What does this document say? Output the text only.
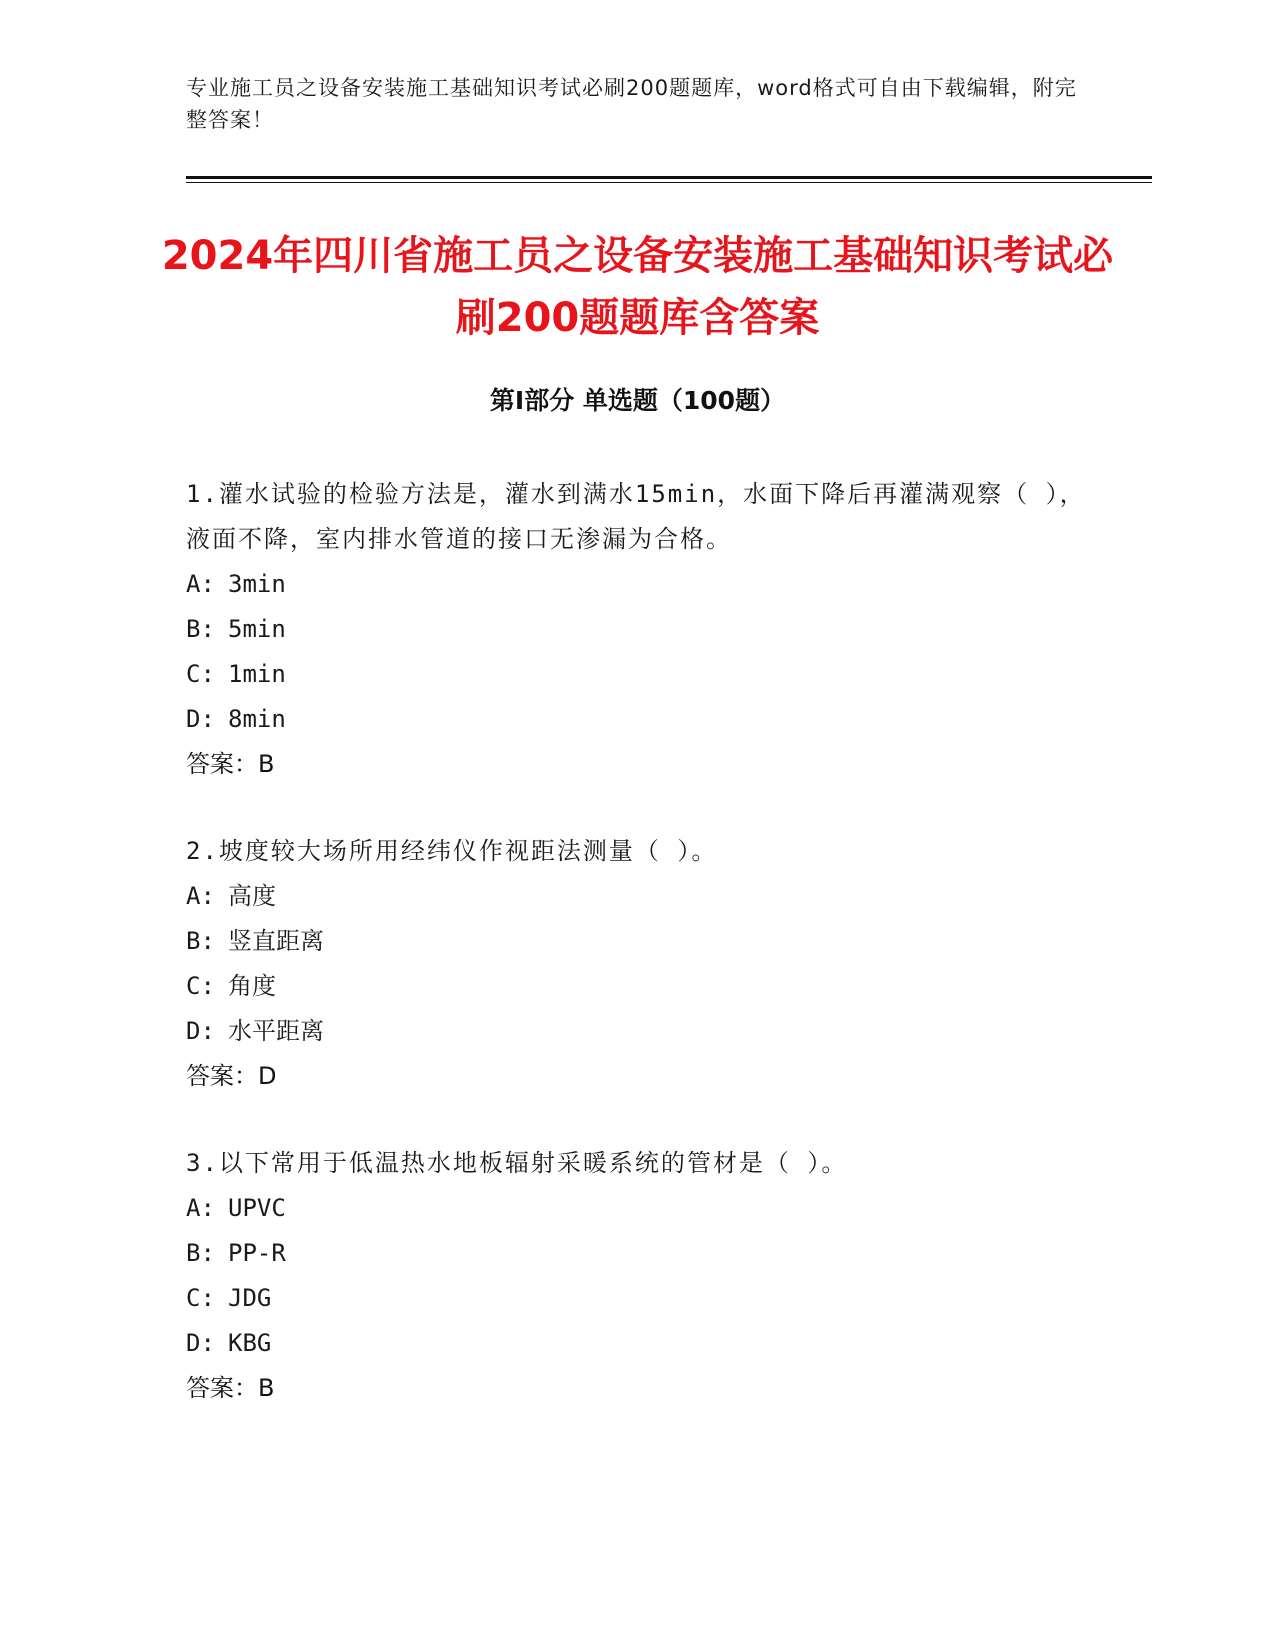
专业施工员之设备安装施工基础知识考试必刷200题题库，word格式可自由下载编辑，附完整答案！
2024年四川省施工员之设备安装施工基础知识考试必刷200题题库含答案
第I部分 单选题（100题）
1.灌水试验的检验方法是，灌水到满水15min，水面下降后再灌满观察（ ），液面不降，室内排水管道的接口无渗漏为合格。
A: 3min
B: 5min
C: 1min
D: 8min
答案：B
2.坡度较大场所用经纬仪作视距法测量（ ）。
A: 高度
B: 竖直距离
C: 角度
D: 水平距离
答案：D
3.以下常用于低温热水地板辐射采暖系统的管材是（ ）。
A: UPVC
B: PP-R
C: JDG
D: KBG
答案：B
